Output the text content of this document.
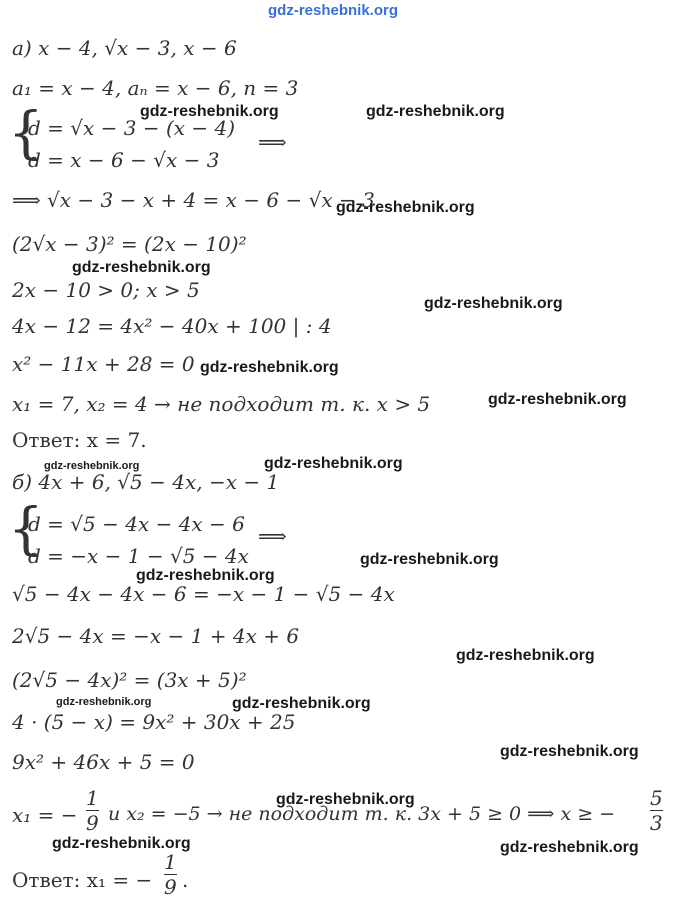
gdz-reshebnik.org
а) x − 4, √x − 3, x − 6
a₁ = x − 4, aₙ = x − 6, n = 3
{
d = √x − 3 − (x − 4)
d = x − 6 − √x − 3
⟹
⟹ √x − 3 − x + 4 = x − 6 − √x − 3
(2√x − 3)² = (2x − 10)²
2x − 10 > 0; x > 5
4x − 12 = 4x² − 40x + 100 | : 4
x² − 11x + 28 = 0
x₁ = 7, x₂ = 4 → не подходит т. к. x > 5
Ответ: x = 7.
б) 4x + 6, √5 − 4x, −x − 1
{
d = √5 − 4x − 4x − 6
d = −x − 1 − √5 − 4x
⟹
√5 − 4x − 4x − 6 = −x − 1 − √5 − 4x
2√5 − 4x = −x − 1 + 4x + 6
(2√5 − 4x)² = (3x + 5)²
4 · (5 − x) = 9x² + 30x + 25
9x² + 46x + 5 = 0
x₁ = −
1
9 и x₂ = −5 → не подходит т. к. 3x + 5 ≥ 0 ⟹ x ≥ −
5
3
Ответ: x₁ = −
1
9 .
gdz-reshebnik.org	gdz-reshebnik.org
gdz-reshebnik.org
gdz-reshebnik.org
gdz-reshebnik.org
gdz-reshebnik.org
gdz-reshebnik.org
gdz-reshebnik.org	gdz-reshebnik.org
gdz-reshebnik.org
gdz-reshebnik.org
gdz-reshebnik.org
gdz-reshebnik.org	gdz-reshebnik.org
gdz-reshebnik.org
gdz-reshebnik.org
gdz-reshebnik.org	gdz-reshebnik.org
